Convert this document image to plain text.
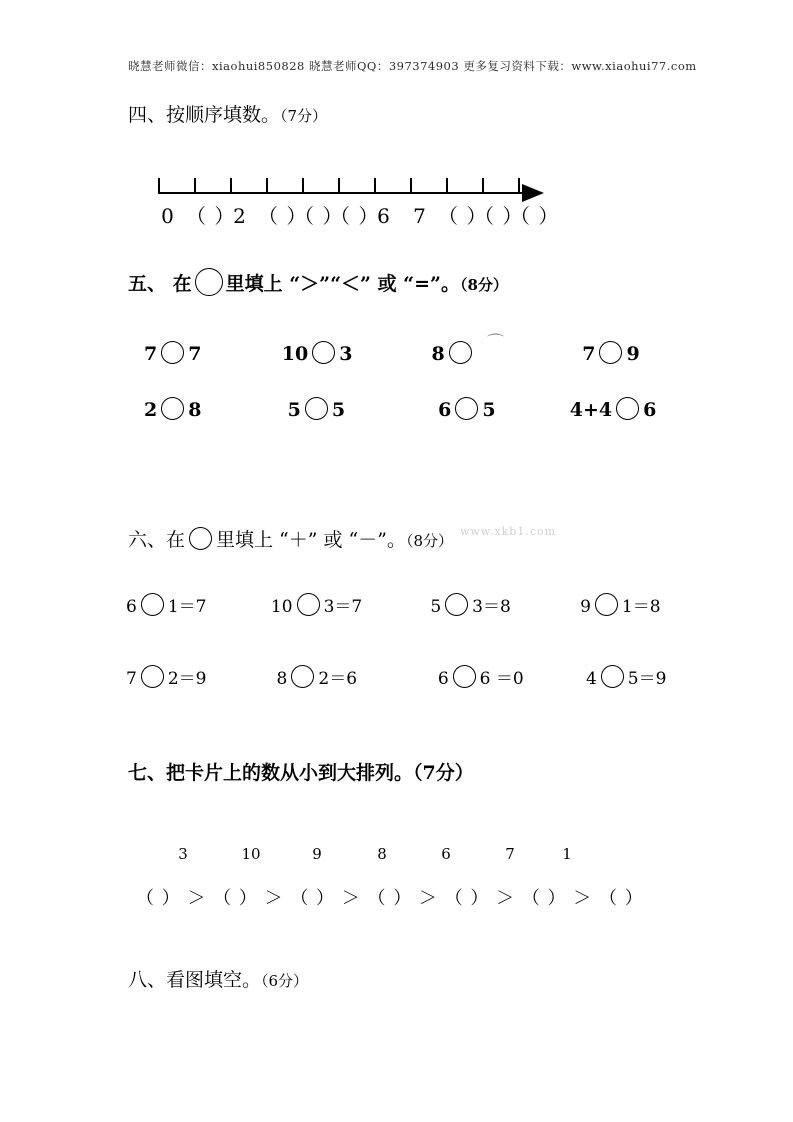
晓慧老师微信：xiaohui850828 晓慧老师QQ：397374903 更多复习资料下载：www.xiaohui77.com
四、按顺序填数。（7分）
0 （ ）2 （ ）（ ）（ ）6 7 （ ）（ ）（ ）
五、 在 里填上 “＞”“＜” 或 “=”。（8分）
7 7	10 3	8	7 9
2 8	5 5	6 5	4+4 6
⌒
六、在 里填上 “＋” 或 “－”。（8分）
www.xkb1.com
6 1＝7	10 3＝7	5 3＝8	9 1＝8
7 2＝9	8 2＝6	6 6 ＝0	4 5＝9
七、把卡片上的数从小到大排列。（7分）
3	10	9	8	6	7	1
（ ） ＞ （ ） ＞ （ ） ＞ （ ） ＞ （ ） ＞ （ ） ＞ （ ）
八、看图填空。（6分）
